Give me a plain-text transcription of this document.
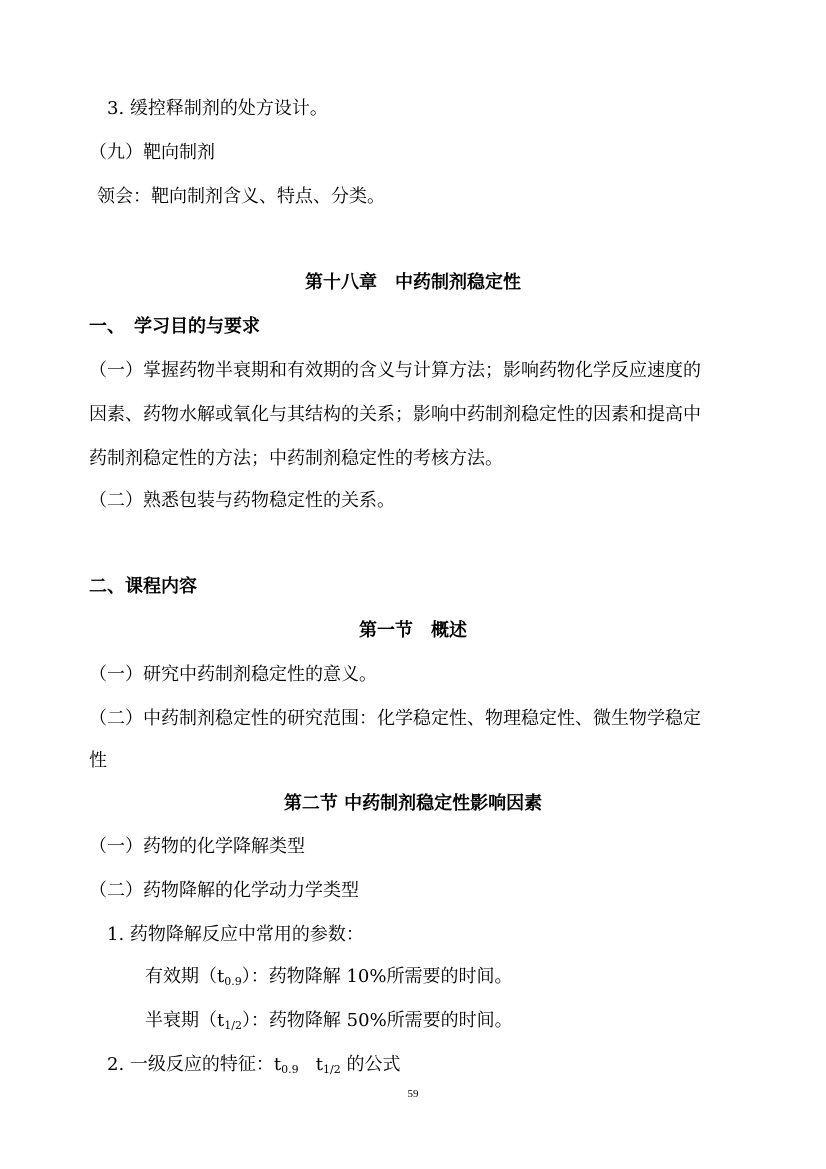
3. 缓控释制剂的处方设计。
（九）靶向制剂
领会：靶向制剂含义、特点、分类。
第十八章　中药制剂稳定性
一、　学习目的与要求
（一）掌握药物半衰期和有效期的含义与计算方法；影响药物化学反应速度的
因素、药物水解或氧化与其结构的关系；影响中药制剂稳定性的因素和提高中
药制剂稳定性的方法；中药制剂稳定性的考核方法。
（二）熟悉包装与药物稳定性的关系。
二、课程内容
第一节　概述
（一）研究中药制剂稳定性的意义。
（二）中药制剂稳定性的研究范围：化学稳定性、物理稳定性、微生物学稳定
性
第二节 中药制剂稳定性影响因素
（一）药物的化学降解类型
（二）药物降解的化学动力学类型
1. 药物降解反应中常用的参数：
有效期$(t_{0.9})$：药物降解 10%所需要的时间。
半衰期$(t_{1/2})$：药物降解 50%所需要的时间。
2. 一级反应的特征：$t_{0.9}$   $t_{1/2}$ 的公式
59
